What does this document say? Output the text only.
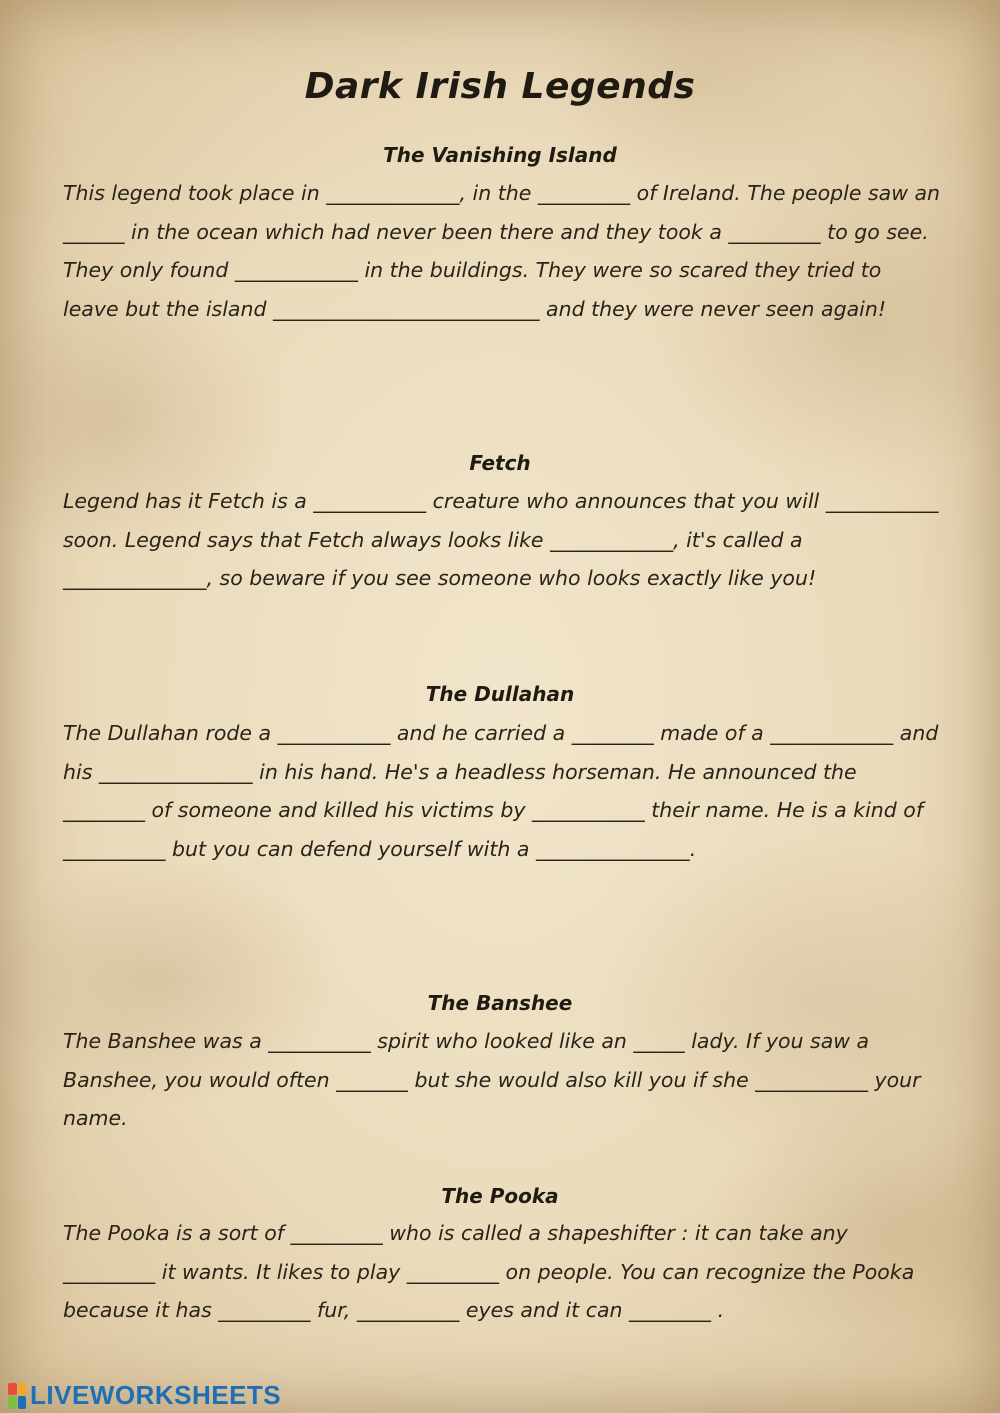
Dark Irish Legends
The Vanishing Island

This legend took place in _____________, in the _________ of Ireland. The people saw an ______ in the ocean which had never been there and they took a _________ to go see. They only found ____________ in the buildings. They were so scared they tried to leave but the island __________________________ and they were never seen again!

Fetch

Legend has it Fetch is a ___________ creature who announces that you will ___________ soon. Legend says that Fetch always looks like ____________, it's called a ______________, so beware if you see someone who looks exactly like you!

The Dullahan

The Dullahan rode a ___________ and he carried a ________ made of a ____________ and his _______________ in his hand. He's a headless horseman. He announced the ________ of someone and killed his victims by ___________ their name. He is a kind of __________ but you can defend yourself with a _______________.

The Banshee

The Banshee was a __________ spirit who looked like an _____ lady. If you saw a Banshee, you would often _______ but she would also kill you if she ___________ your name.

The Pooka

The Pooka is a sort of _________ who is called a shapeshifter : it can take any _________ it wants. It likes to play _________ on people. You can recognize the Pooka because it has _________ fur, __________ eyes and it can ________ .

LIVEWORKSHEETS
